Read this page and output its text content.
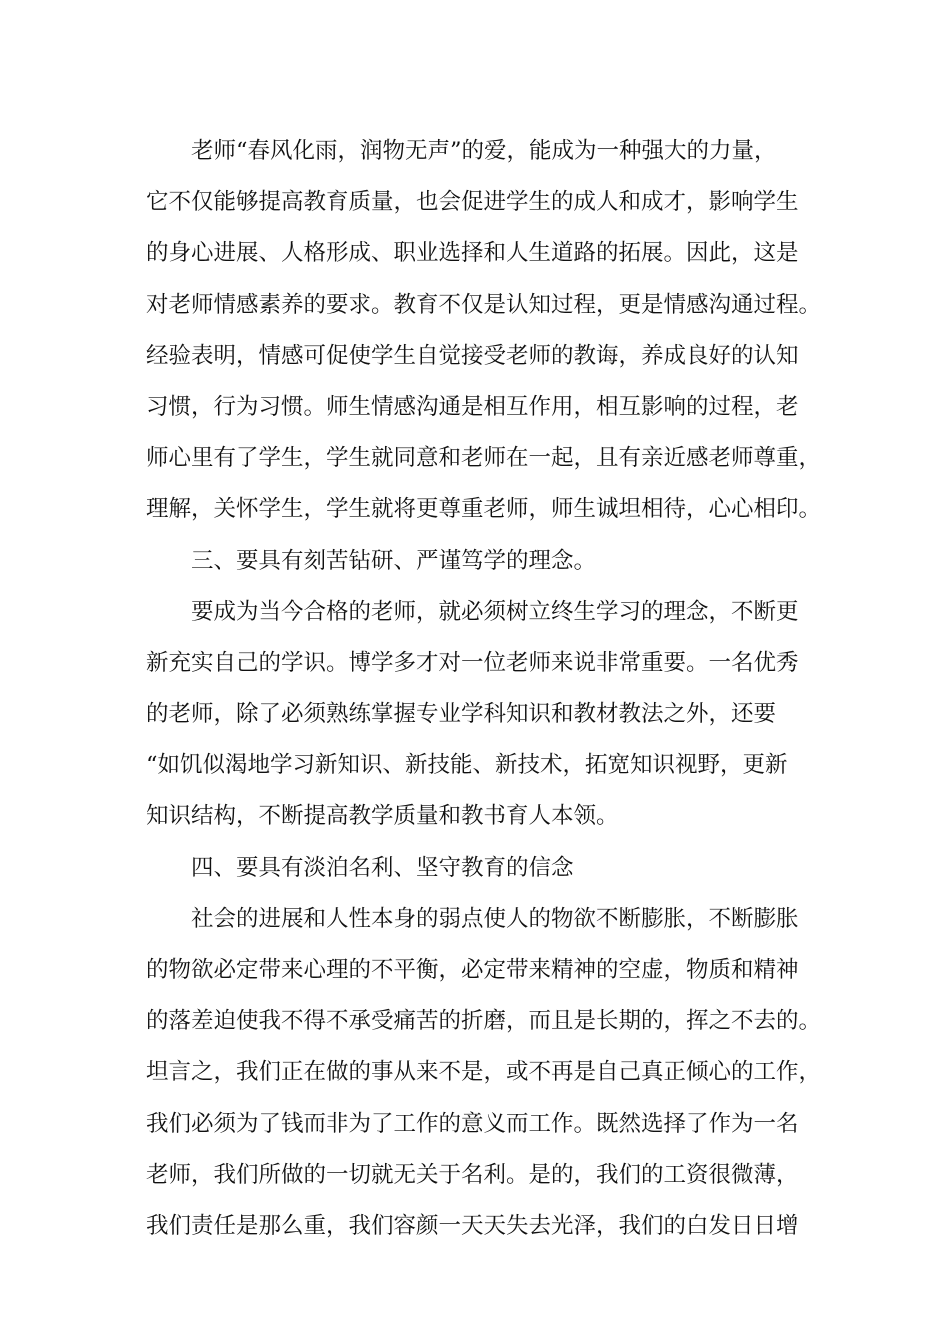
老师“春风化雨，润物无声”的爱，能成为一种强大的力量，
它不仅能够提高教育质量，也会促进学生的成人和成才，影响学生
的身心进展、人格形成、职业选择和人生道路的拓展。因此，这是
对老师情感素养的要求。教育不仅是认知过程，更是情感沟通过程。
经验表明，情感可促使学生自觉接受老师的教诲，养成良好的认知
习惯，行为习惯。师生情感沟通是相互作用，相互影响的过程，老
师心里有了学生，学生就同意和老师在一起，且有亲近感老师尊重，
理解，关怀学生，学生就将更尊重老师，师生诚坦相待，心心相印。
三、要具有刻苦钻研、严谨笃学的理念。
要成为当今合格的老师，就必须树立终生学习的理念，不断更
新充实自己的学识。博学多才对一位老师来说非常重要。一名优秀
的老师，除了必须熟练掌握专业学科知识和教材教法之外，还要
“如饥似渴地学习新知识、新技能、新技术，拓宽知识视野，更新
知识结构，不断提高教学质量和教书育人本领。
四、要具有淡泊名利、坚守教育的信念
社会的进展和人性本身的弱点使人的物欲不断膨胀，不断膨胀
的物欲必定带来心理的不平衡，必定带来精神的空虚，物质和精神
的落差迫使我不得不承受痛苦的折磨，而且是长期的，挥之不去的。
坦言之，我们正在做的事从来不是，或不再是自己真正倾心的工作，
我们必须为了钱而非为了工作的意义而工作。既然选择了作为一名
老师，我们所做的一切就无关于名利。是的，我们的工资很微薄，
我们责任是那么重，我们容颜一天天失去光泽，我们的白发日日增
